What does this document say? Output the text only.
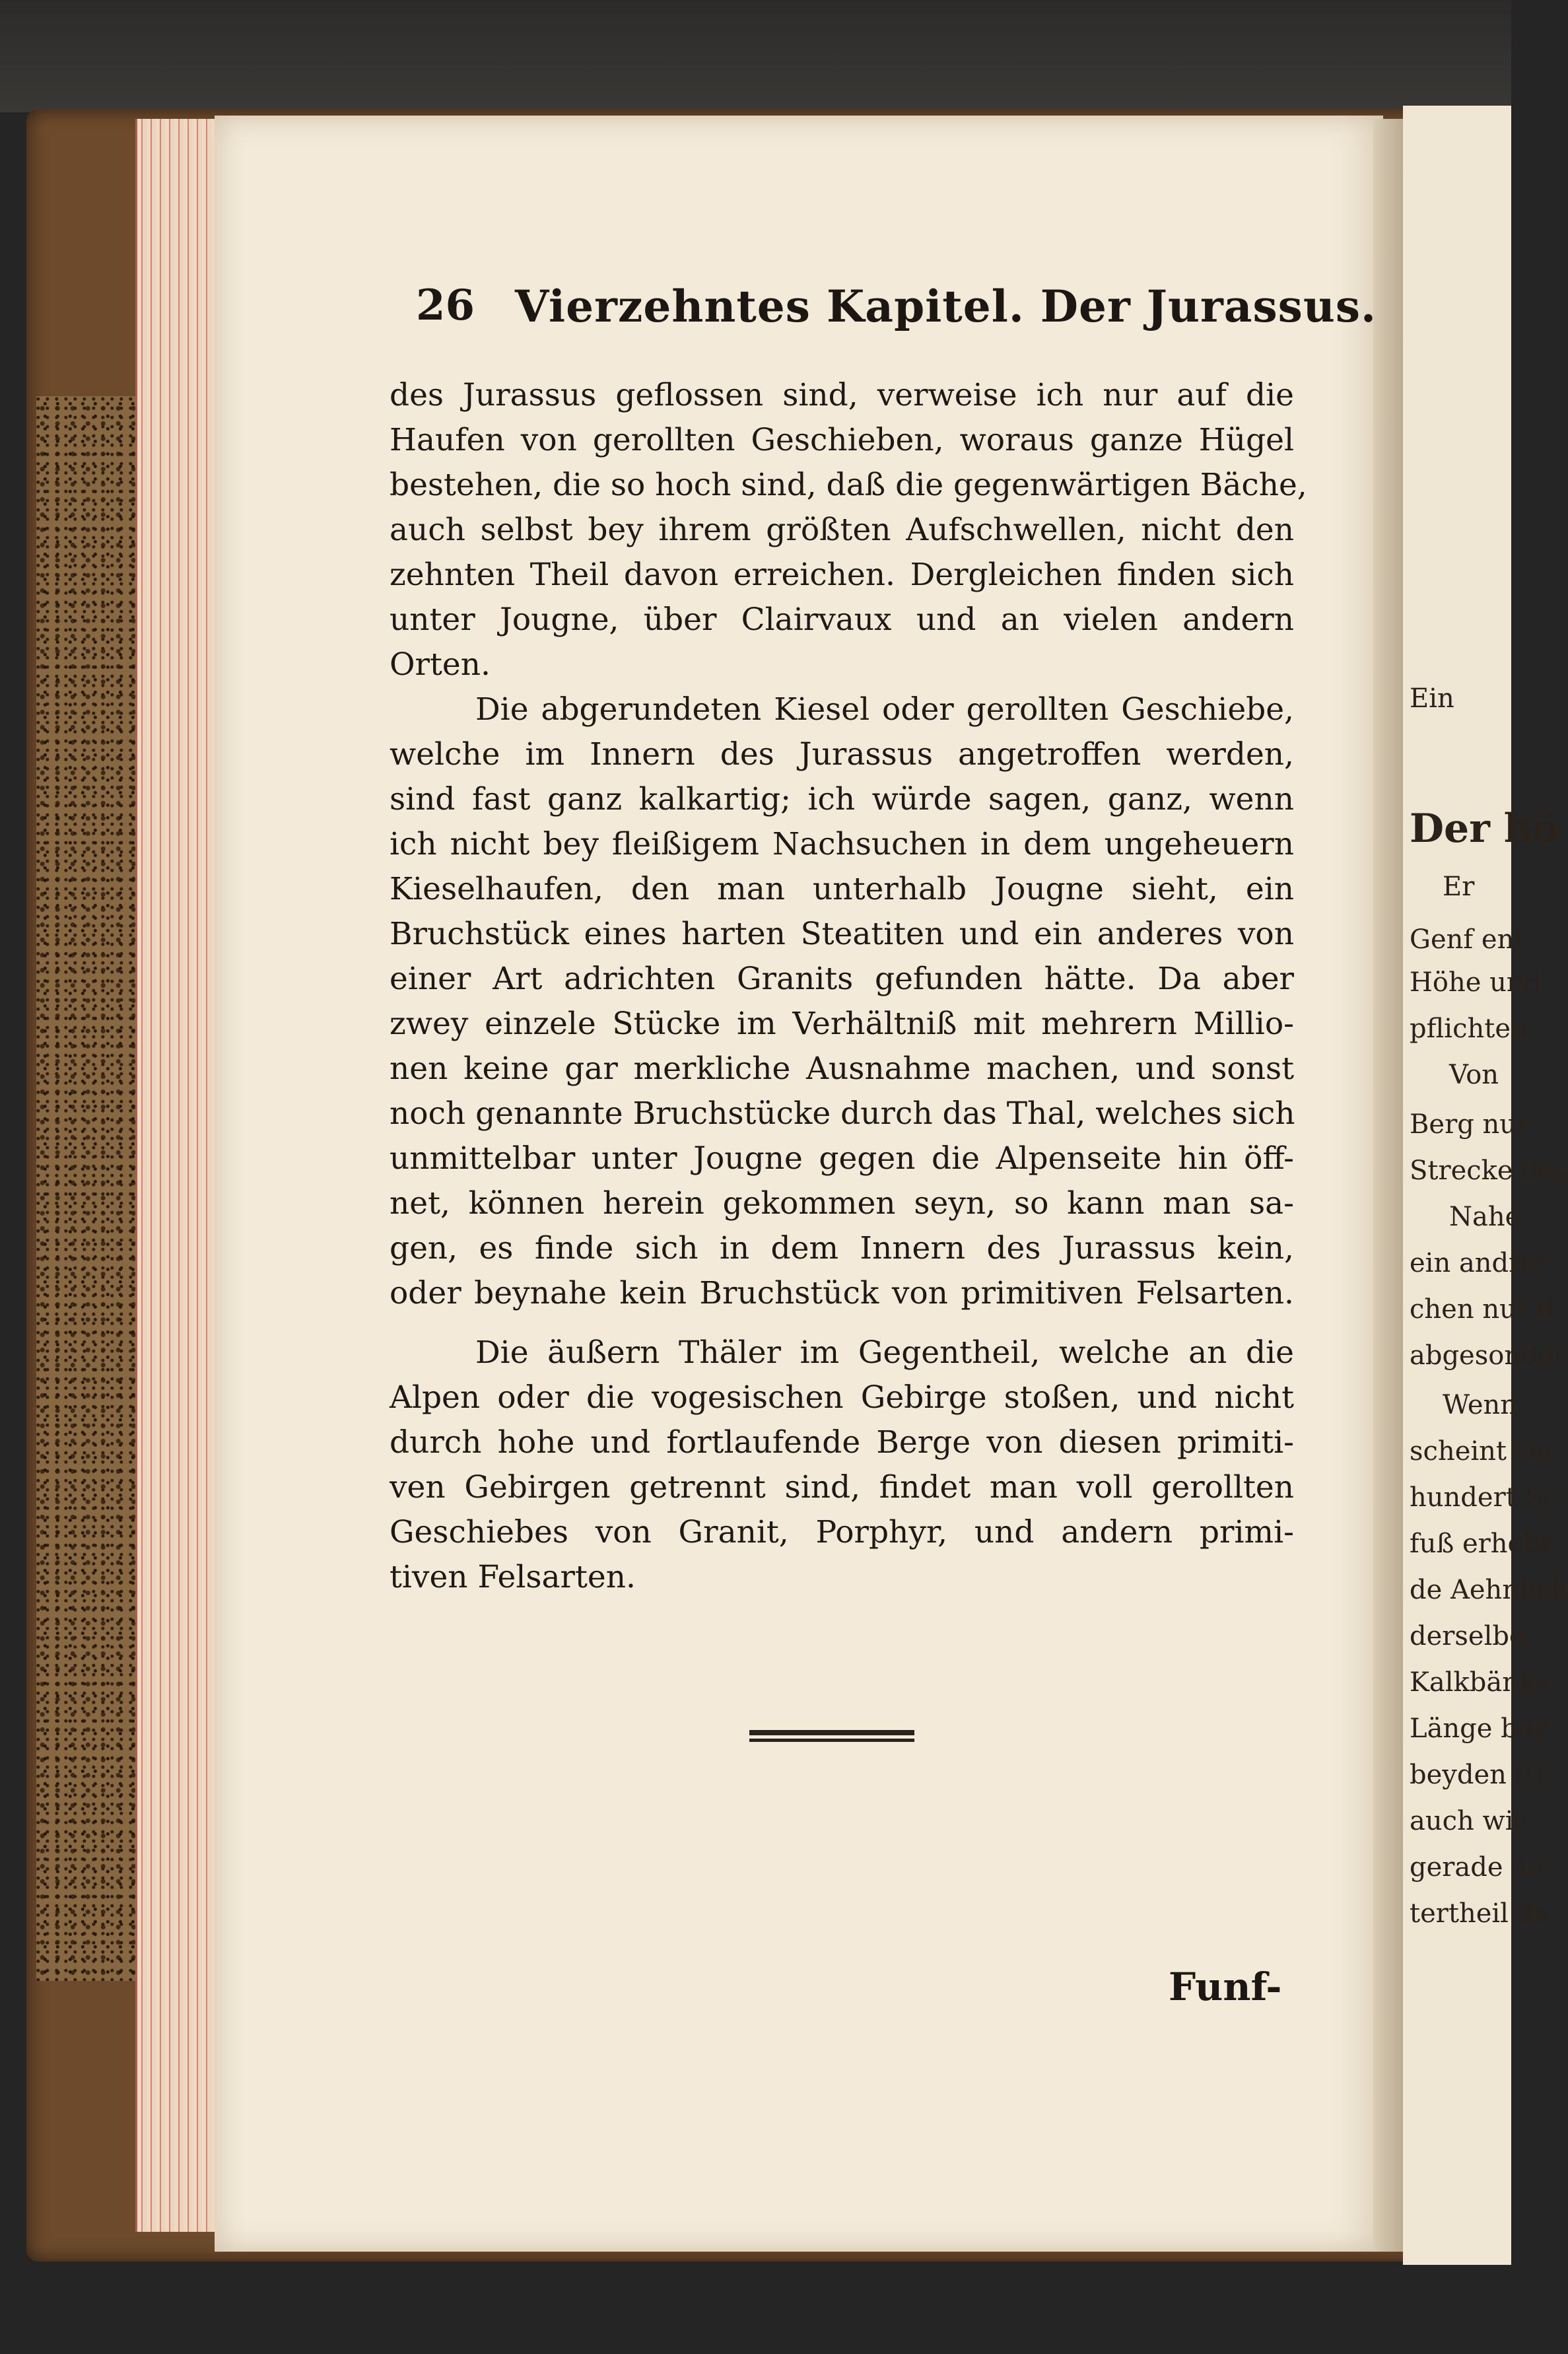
Ein
Der hö
Er
Genf ent
Höhe und
pflichten
Von
Berg nur
Strecke des
Nahe
ein andrer
chen nur d
abgesonder
Wenn
scheint sie
hundert Sc
fuß erhebe
de Aehnlich
derselbe,
Kalkbänke
Länge bey
beyden Er
auch wie
gerade ab
tertheil de
26 Vierzehntes Kapitel. Der Jurassus.
des Jurassus geflossen sind, verweise ich nur auf die
Haufen von gerollten Geschieben, woraus ganze Hügel
bestehen, die so hoch sind, daß die gegenwärtigen Bäche,
auch selbst bey ihrem größten Aufschwellen, nicht den
zehnten Theil davon erreichen. Dergleichen finden sich
unter Jougne, über Clairvaux und an vielen andern
Orten.
Die abgerundeten Kiesel oder gerollten Geschiebe,
welche im Innern des Jurassus angetroffen werden,
sind fast ganz kalkartig; ich würde sagen, ganz, wenn
ich nicht bey fleißigem Nachsuchen in dem ungeheuern
Kieselhaufen, den man unterhalb Jougne sieht, ein
Bruchstück eines harten Steatiten und ein anderes von
einer Art adrichten Granits gefunden hätte. Da aber
zwey einzele Stücke im Verhältniß mit mehrern Millio-
nen keine gar merkliche Ausnahme machen, und sonst
noch genannte Bruchstücke durch das Thal, welches sich
unmittelbar unter Jougne gegen die Alpenseite hin öff-
net, können herein gekommen seyn, so kann man sa-
gen, es finde sich in dem Innern des Jurassus kein,
oder beynahe kein Bruchstück von primitiven Felsarten.
Die äußern Thäler im Gegentheil, welche an die
Alpen oder die vogesischen Gebirge stoßen, und nicht
durch hohe und fortlaufende Berge von diesen primiti-
ven Gebirgen getrennt sind, findet man voll gerollten
Geschiebes von Granit, Porphyr, und andern primi-
tiven Felsarten.
Funf-
